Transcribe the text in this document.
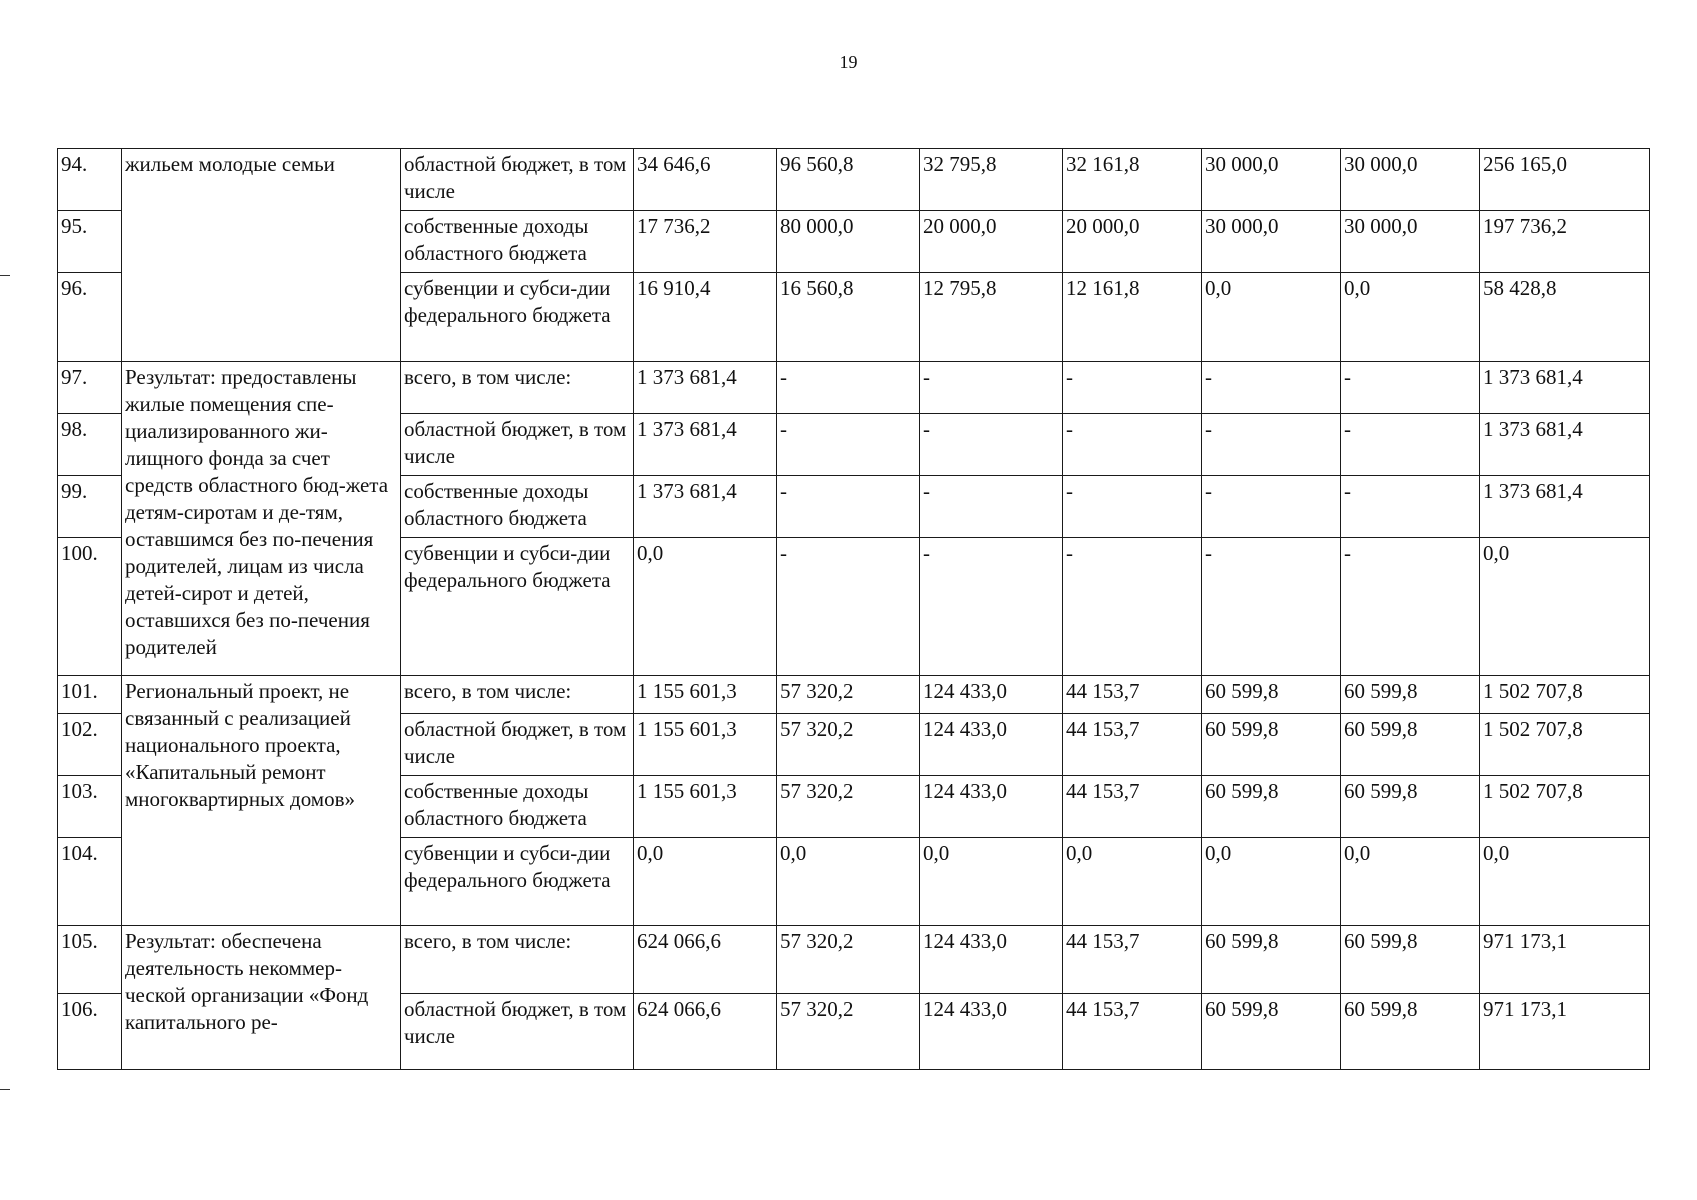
19
94.	жильем молодые семьи	областной бюджет, в том числе	34 646,6	96 560,8	32 795,8	32 161,8	30 000,0	30 000,0	256 165,0
95.		собственные доходы областного бюджета	17 736,2	80 000,0	20 000,0	20 000,0	30 000,0	30 000,0	197 736,2
96.		субвенции и субси-дии федерального бюджета	16 910,4	16 560,8	12 795,8	12 161,8	0,0	0,0	58 428,8
97.	Результат: предоставлены жилые помещения спе-циализированного жи-лищного фонда за счет средств областного бюд-жета детям-сиротам и де-тям, оставшимся без по-печения родителей, лицам из числа детей-сирот и детей, оставшихся без по-печения родителей	всего, в том числе:	1 373 681,4	-	-	-	-	-	1 373 681,4
98.		областной бюджет, в том числе	1 373 681,4	-	-	-	-	-	1 373 681,4
99.		собственные доходы областного бюджета	1 373 681,4	-	-	-	-	-	1 373 681,4
100.		субвенции и субси-дии федерального бюджета	0,0	-	-	-	-	-	0,0
101.	Региональный проект, не связанный с реализацией национального проекта, «Капитальный ремонт многоквартирных домов»	всего, в том числе:	1 155 601,3	57 320,2	124 433,0	44 153,7	60 599,8	60 599,8	1 502 707,8
102.		областной бюджет, в том числе	1 155 601,3	57 320,2	124 433,0	44 153,7	60 599,8	60 599,8	1 502 707,8
103.		собственные доходы областного бюджета	1 155 601,3	57 320,2	124 433,0	44 153,7	60 599,8	60 599,8	1 502 707,8
104.		субвенции и субси-дии федерального бюджета	0,0	0,0	0,0	0,0	0,0	0,0	0,0
105.	Результат: обеспечена деятельность некоммер-ческой организации «Фонд капитального ре-	всего, в том числе:	624 066,6	57 320,2	124 433,0	44 153,7	60 599,8	60 599,8	971 173,1
106.		областной бюджет, в том числе	624 066,6	57 320,2	124 433,0	44 153,7	60 599,8	60 599,8	971 173,1
